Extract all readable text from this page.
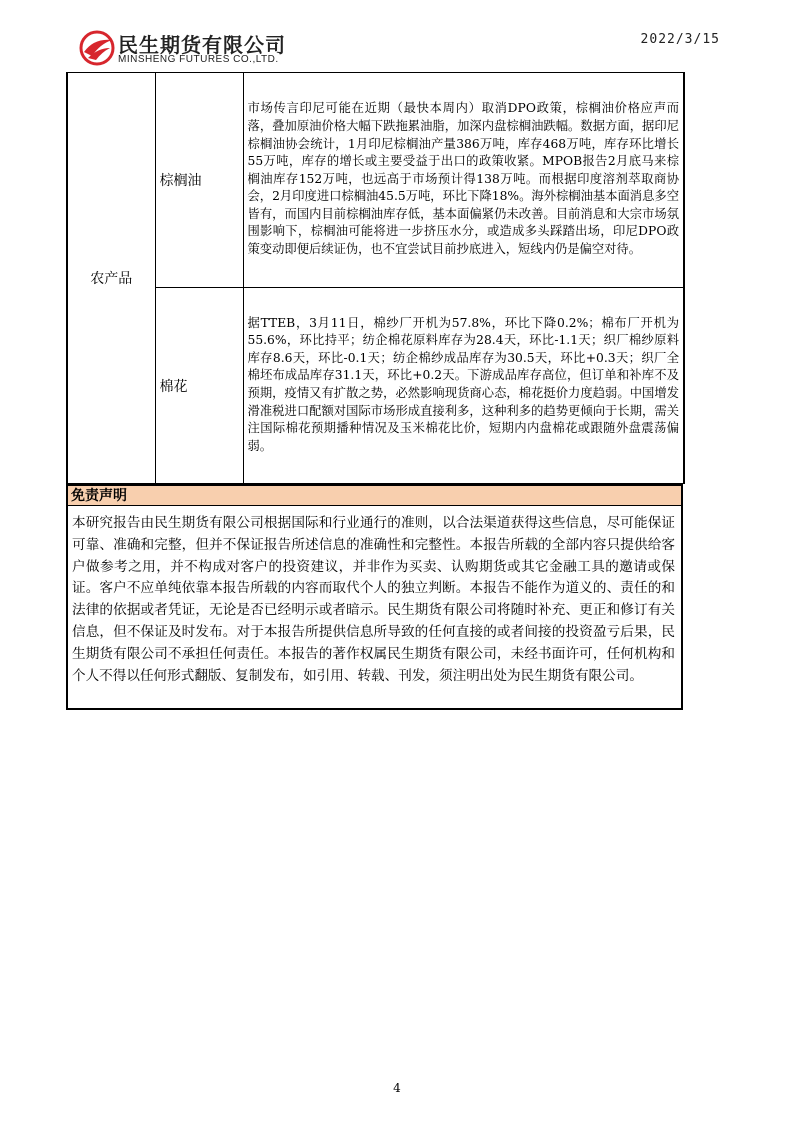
民生期货有限公司
MINSHENG FUTURES CO.,LTD.
2022/3/15
农产品	棕榈油	市场传言印尼可能在近期（最快本周内）取消DPO政策，棕榈油价格应声而落，叠加原油价格大幅下跌拖累油脂，加深内盘棕榈油跌幅。数据方面，据印尼棕榈油协会统计，1月印尼棕榈油产量386万吨，库存468万吨，库存环比增长55万吨，库存的增长或主要受益于出口的政策收紧。MPOB报告2月底马来棕榈油库存152万吨，也远高于市场预计得138万吨。而根据印度溶剂萃取商协会，2月印度进口棕榈油45.5万吨，环比下降18%。海外棕榈油基本面消息多空皆有，而国内目前棕榈油库存低，基本面偏紧仍未改善。目前消息和大宗市场氛围影响下，棕榈油可能将进一步挤压水分，或造成多头踩踏出场，印尼DPO政策变动即便后续证伪，也不宜尝试目前抄底进入，短线内仍是偏空对待。
	棉花	据TTEB，3月11日，棉纱厂开机为57.8%，环比下降0.2%；棉布厂开机为55.6%，环比持平；纺企棉花原料库存为28.4天，环比-1.1天；织厂棉纱原料库存8.6天，环比-0.1天；纺企棉纱成品库存为30.5天，环比+0.3天；织厂全棉坯布成品库存31.1天，环比+0.2天。下游成品库存高位，但订单和补库不及预期，疫情又有扩散之势，必然影响现货商心态，棉花挺价力度趋弱。中国增发滑准税进口配额对国际市场形成直接利多，这种利多的趋势更倾向于长期，需关注国际棉花预期播种情况及玉米棉花比价，短期内内盘棉花或跟随外盘震荡偏弱。
免责声明
本研究报告由民生期货有限公司根据国际和行业通行的准则，以合法渠道获得这些信息，尽可能保证可靠、准确和完整，但并不保证报告所述信息的准确性和完整性。本报告所载的全部内容只提供给客户做参考之用，并不构成对客户的投资建议，并非作为买卖、认购期货或其它金融工具的邀请或保证。客户不应单纯依靠本报告所载的内容而取代个人的独立判断。本报告不能作为道义的、责任的和法律的依据或者凭证，无论是否已经明示或者暗示。民生期货有限公司将随时补充、更正和修订有关信息，但不保证及时发布。对于本报告所提供信息所导致的任何直接的或者间接的投资盈亏后果，民生期货有限公司不承担任何责任。本报告的著作权属民生期货有限公司，未经书面许可，任何机构和个人不得以任何形式翻版、复制发布，如引用、转载、刊发，须注明出处为民生期货有限公司。
4
